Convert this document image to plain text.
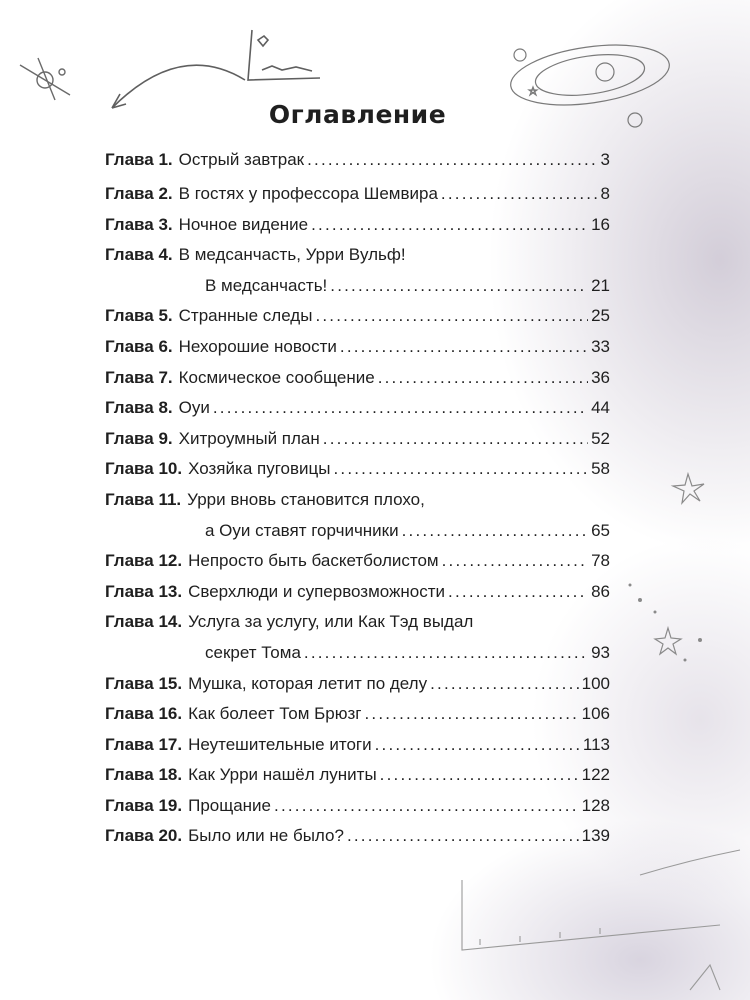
Оглавление
Глава 1. Острый завтрак .....	3
Глава 2. В гостях у профессора Шемвира .....	8
Глава 3. Ночное видение .....	16
Глава 4. В медсанчасть, Урри Вульф!
В медсанчасть! .....	21
Глава 5. Странные следы .....	25
Глава 6. Нехорошие новости .....	33
Глава 7. Космическое сообщение .....	36
Глава 8. Оуи .....	44
Глава 9. Хитроумный план .....	52
Глава 10. Хозяйка пуговицы .....	58
Глава 11. Урри вновь становится плохо,
а Оуи ставят горчичники .....	65
Глава 12. Непросто быть баскетболистом .....	78
Глава 13. Сверхлюди и супервозможности .....	86
Глава 14. Услуга за услугу, или Как Тэд выдал
секрет Тома .....	93
Глава 15. Мушка, которая летит по делу .....	100
Глава 16. Как болеет Том Брюзг .....	106
Глава 17. Неутешительные итоги .....	113
Глава 18. Как Урри нашёл луниты .....	122
Глава 19. Прощание .....	128
Глава 20. Было или не было? .....	139
